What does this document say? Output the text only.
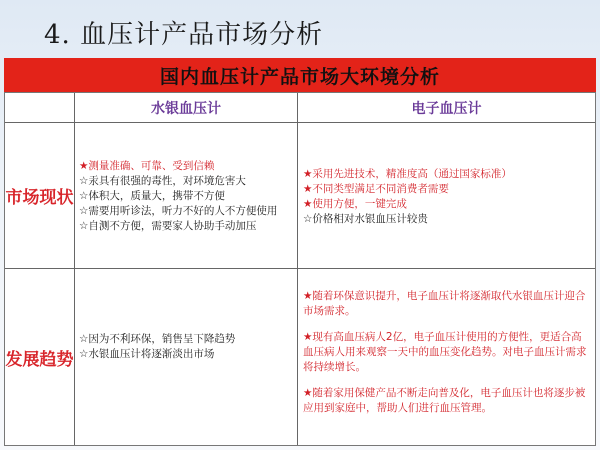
4. 血压计产品市场分析
国内血压计产品市场大环境分析
水银血压计	电子血压计
市场现状
发展趋势

★测量准确、可靠、受到信赖

☆汞具有很强的毒性，对环境危害大

☆体积大，质量大，携带不方便

☆需要用听诊法，听力不好的人不方便使用

☆自测不方便，需要家人协助手动加压

★采用先进技术，精准度高（通过国家标准）

★不同类型满足不同消费者需要

★使用方便，一键完成

☆价格相对水银血压计较贵

☆因为不利环保，销售呈下降趋势

☆水银血压计将逐渐淡出市场

★随着环保意识提升，电子血压计将逐渐取代水银血压计迎合市场需求。

★现有高血压病人2亿，电子血压计使用的方便性，更适合高血压病人用来观察一天中的血压变化趋势。对电子血压计需求将持续增长。

★随着家用保健产品不断走向普及化，电子血压计也将逐步被应用到家庭中，帮助人们进行血压管理。
